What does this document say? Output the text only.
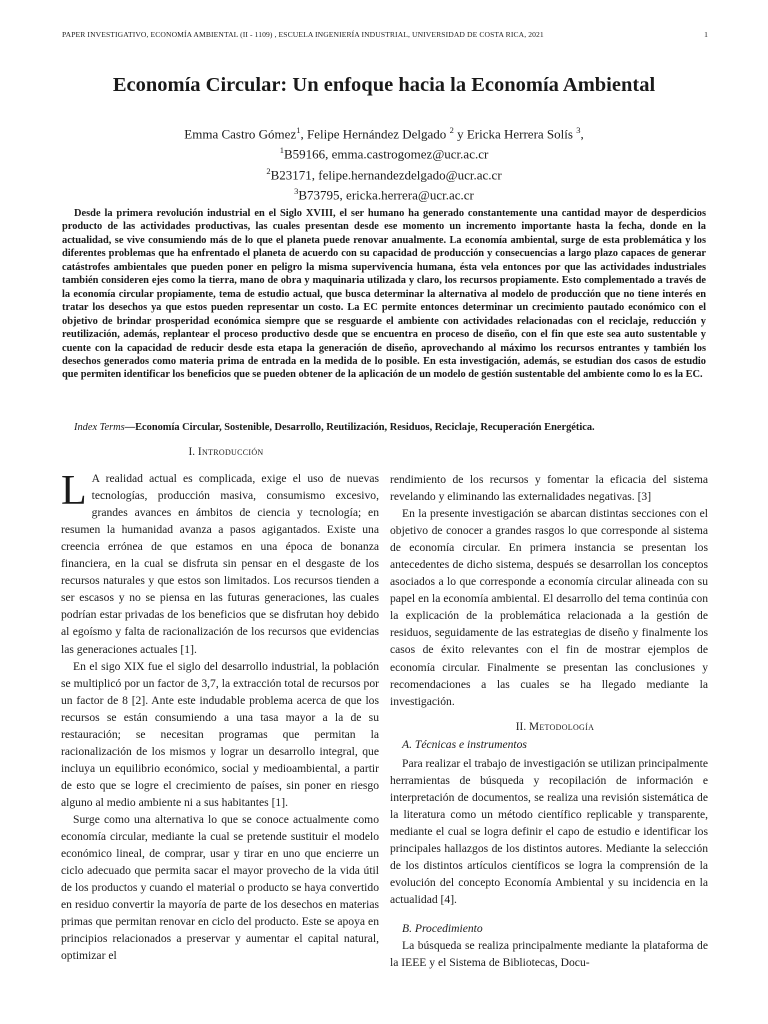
PAPER INVESTIGATIVO, ECONOMÍA AMBIENTAL (II - 1109) , ESCUELA INGENIERÍA INDUSTRIAL, UNIVERSIDAD DE COSTA RICA, 2021	1
Economía Circular: Un enfoque hacia la Economía Ambiental
Emma Castro Gómez$^1$, Felipe Hernández Delgado $^2$ y Ericka Herrera Solís $^3$,
$^1$B59166, emma.castrogomez@ucr.ac.cr
$^2$B23171, felipe.hernandezdelgado@ucr.ac.cr
$^3$B73795, ericka.herrera@ucr.ac.cr
Desde la primera revolución industrial en el Siglo XVIII, el ser humano ha generado constantemente una cantidad mayor de desperdicios producto de las actividades productivas, las cuales presentan desde ese momento un incremento importante hasta la fecha, donde en la actualidad, se vive consumiendo más de lo que el planeta puede renovar anualmente. La economía ambiental, surge de esta problemática y los diferentes problemas que ha enfrentado el planeta de acuerdo con su capacidad de producción y consecuencias a largo plazo capaces de generar catástrofes ambientales que pueden poner en peligro la misma supervivencia humana, ésta vela entonces por que las actividades industriales también consideren ejes como la tierra, mano de obra y maquinaria utilizada y claro, los recursos propiamente. Esto complementado a través de la economía circular propiamente, tema de estudio actual, que busca determinar la alternativa al modelo de producción que no tiene interés en tratar los desechos ya que estos pueden representar un costo. La EC permite entonces determinar un crecimiento pautado económico con el objetivo de brindar prosperidad económica siempre que se resguarde el ambiente con actividades relacionadas con el reciclaje, reducción y reutilización, además, replantear el proceso productivo desde que se encuentra en proceso de diseño, con el fin que este sea auto sustentable y cuente con la capacidad de reducir desde esta etapa la generación de diseño, aprovechando al máximo los recursos entrantes y también los desechos generados como materia prima de entrada en la medida de lo posible. En esta investigación, además, se estudian dos casos de estudio que permiten identificar los beneficios que se pueden obtener de la aplicación de un modelo de gestión sustentable del ambiente como lo es la EC.
Index Terms—Economía Circular, Sostenible, Desarrollo, Reutilización, Residuos, Reciclaje, Recuperación Energética.

I. Introducción

L A realidad actual es complicada, exige el uso de nuevas tecnologías, producción masiva, consumismo excesivo, grandes avances en ámbitos de ciencia y tecnología; en resumen la humanidad avanza a pasos agigantados. Existe una creencia errónea de que estamos en una época de bonanza financiera, en la cual se disfruta sin pensar en el desgaste de los recursos naturales y que estos son limitados. Los recursos tienden a ser escasos y no se piensa en las futuras generaciones, las cuales podrían estar privadas de los beneficios que se disfrutan hoy debido al egoísmo y falta de racionalización de los recursos que evidencias las generaciones actuales [1].

En el sigo XIX fue el siglo del desarrollo industrial, la población se multiplicó por un factor de 3,7, la extracción total de recursos por un factor de 8 [2]. Ante este indudable problema acerca de que los recursos se están consumiendo a una tasa mayor a la de su restauración; se necesitan programas que permitan la racionalización de los mismos y lograr un desarrollo integral, que incluya un equilibrio económico, social y medioambiental, a partir de esto que se logre el crecimiento de países, sin poner en riesgo alguno al medio ambiente ni a sus habitantes [1].

Surge como una alternativa lo que se conoce actualmente como economía circular, mediante la cual se pretende sustituir el modelo económico lineal, de comprar, usar y tirar en uno que encierre un ciclo adecuado que permita sacar el mayor provecho de la vida útil de los productos y cuando el material o producto se haya convertido en residuo convertir la mayoría de parte de los desechos en materias primas que permitan renovar en ciclo del producto. Este se apoya en principios relacionados a preservar y aumentar el capital natural, optimizar el

rendimiento de los recursos y fomentar la eficacia del sistema revelando y eliminando las externalidades negativas. [3]

En la presente investigación se abarcan distintas secciones con el objetivo de conocer a grandes rasgos lo que corresponde al sistema de economía circular. En primera instancia se presentan los antecedentes de dicho sistema, después se desarrollan los conceptos asociados a lo que corresponde a economía circular alineada con su papel en la economía ambiental. El desarrollo del tema continúa con la explicación de la problemática relacionada a la gestión de residuos, seguidamente de las estrategias de diseño y finalmente los casos de éxito relevantes con el fin de mostrar ejemplos de economía circular. Finalmente se presentan las conclusiones y recomendaciones a las cuales se ha llegado mediante la investigación.

II. Metodología

A. Técnicas e instrumentos

Para realizar el trabajo de investigación se utilizan principalmente herramientas de búsqueda y recopilación de información e interpretación de documentos, se realiza una revisión sistemática de la literatura como un método científico replicable y transparente, mediante el cual se logra definir el capo de estudio e identificar los principales hallazgos de los distintos autores. Mediante la selección de los distintos artículos científicos se logra la comprensión de la evolución del concepto Economía Ambiental y su incidencia en la actualidad [4].

B. Procedimiento

La búsqueda se realiza principalmente mediante la plataforma de la IEEE y el Sistema de Bibliotecas, Docu-
